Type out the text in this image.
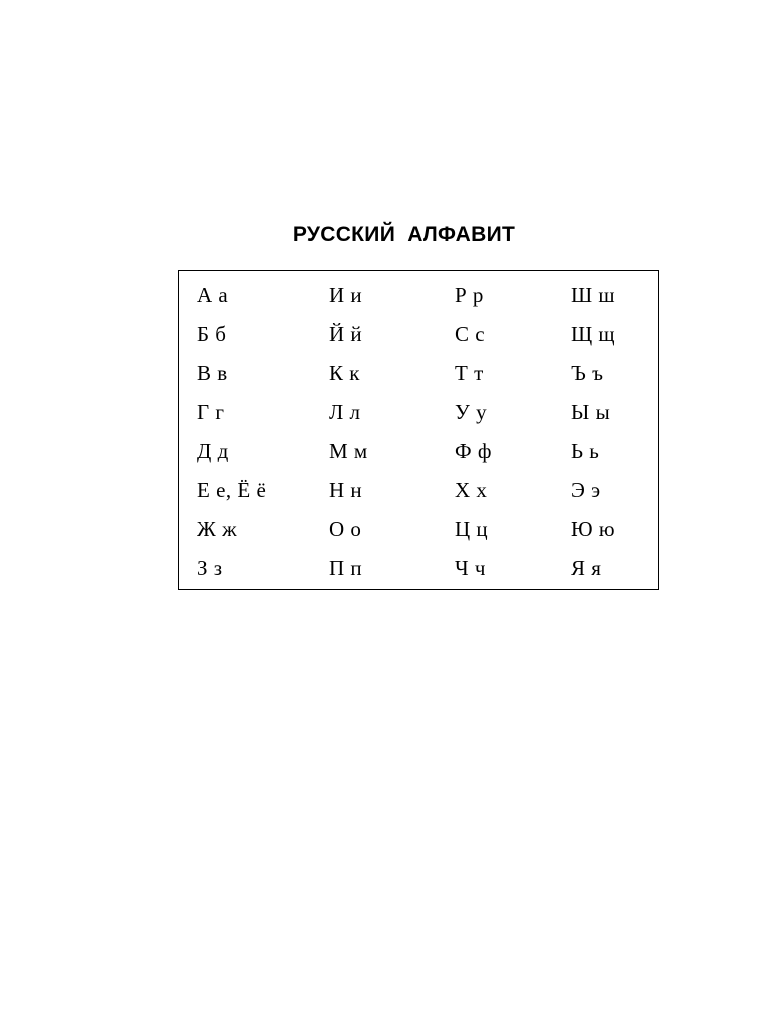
РУССКИЙ АЛФАВИТ
А а
Б б
В в
Г г
Д д
Е е, Ё ё
Ж ж
З з
И и
Й й
К к
Л л
М м
Н н
О о
П п
Р р
С с
Т т
У у
Ф ф
Х х
Ц ц
Ч ч
Ш ш
Щ щ
Ъ ъ
Ы ы
Ь ь
Э э
Ю ю
Я я
